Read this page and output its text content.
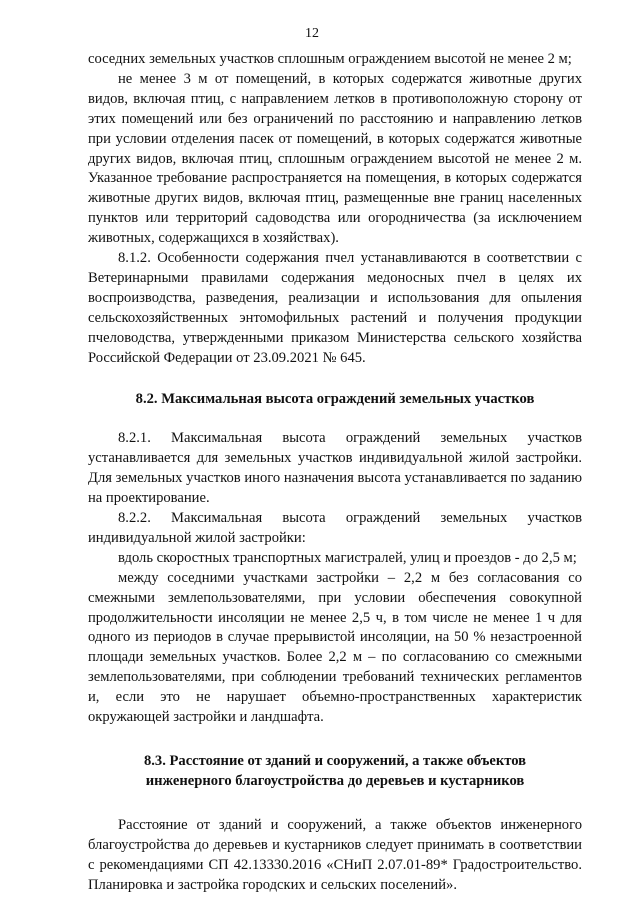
12

соседних земельных участков сплошным ограждением высотой не менее 2 м;

не менее 3 м от помещений, в которых содержатся животные других видов, включая птиц, с направлением летков в противоположную сторону от этих помещений или без ограничений по расстоянию и направлению летков при условии отделения пасек от помещений, в которых содержатся животные других видов, включая птиц, сплошным ограждением высотой не менее 2 м. Указанное требование распространяется на помещения, в которых содержатся животные других видов, включая птиц, размещенные вне границ населенных пунктов или территорий садоводства или огородничества (за исключением животных, содержащихся в хозяйствах).

8.1.2. Особенности содержания пчел устанавливаются в соответствии с Ветеринарными правилами содержания медоносных пчел в целях их воспроизводства, разведения, реализации и использования для опыления сельскохозяйственных энтомофильных растений и получения продукции пчеловодства, утвержденными приказом Министерства сельского хозяйства Российской Федерации от 23.09.2021 № 645.

8.2. Максимальная высота ограждений земельных участков

8.2.1. Максимальная высота ограждений земельных участков устанавливается для земельных участков индивидуальной жилой застройки. Для земельных участков иного назначения высота устанавливается по заданию на проектирование.

8.2.2. Максимальная высота ограждений земельных участков индивидуальной жилой застройки:

вдоль скоростных транспортных магистралей, улиц и проездов - до 2,5 м;

между соседними участками застройки – 2,2 м без согласования со смежными землепользователями, при условии обеспечения совокупной продолжительности инсоляции не менее 2,5 ч, в том числе не менее 1 ч для одного из периодов в случае прерывистой инсоляции, на 50 % незастроенной площади земельных участков. Более 2,2 м – по согласованию со смежными землепользователями, при соблюдении требований технических регламентов и, если это не нарушает объемно-пространственных характеристик окружающей застройки и ландшафта.

8.3. Расстояние от зданий и сооружений, а также объектов
инженерного благоустройства до деревьев и кустарников

Расстояние от зданий и сооружений, а также объектов инженерного благоустройства до деревьев и кустарников следует принимать в соответствии с рекомендациями СП 42.13330.2016 «СНиП 2.07.01-89* Градостроительство. Планировка и застройка городских и сельских поселений».
